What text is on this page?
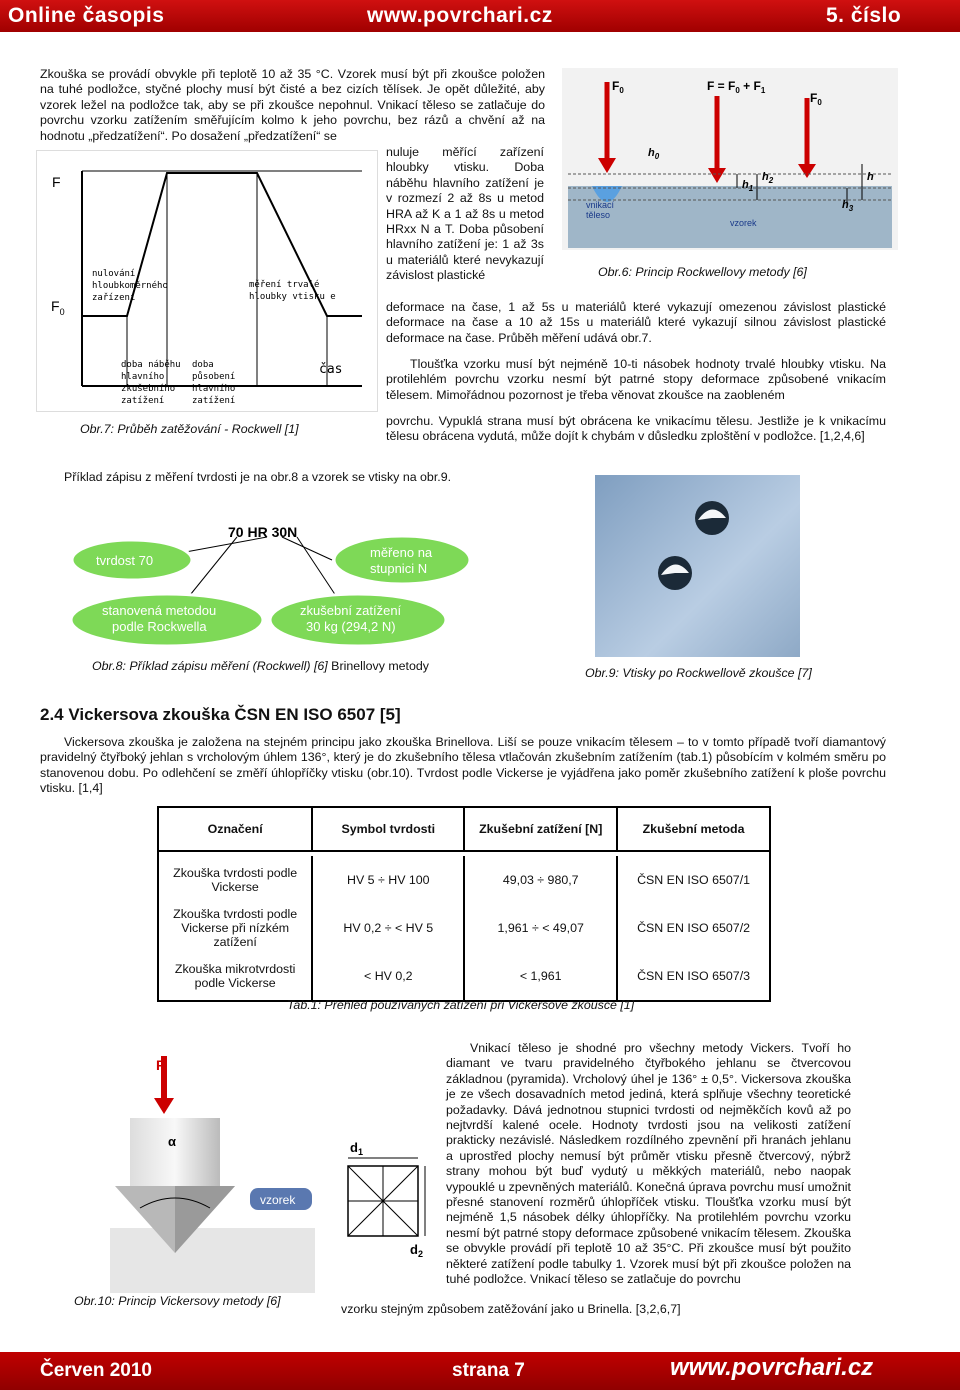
Online časopis	www.povrchari.cz	5. číslo

Zkouška se provádí obvykle při teplotě 10 až 35 °C. Vzorek musí být při zkoušce položen na tuhé podložce, styčné plochy musí být čisté a bez cizích tělísek. Je opět důležité, aby vzorek ležel na podložce tak, aby se při zkoušce nepohnul. Vnikací těleso se zatlačuje do povrchu vzorku zatížením směřujícím kolmo k jeho povrchu, bez rázů a chvění až na hodnotu „předzatížení“. Po dosažení „předzatížení“ se

$F_0$	$F = F_0 + F_1$
$F_0$
$h_0$
$h_1$
$h_2$	h
$h_3$
vnikací
těleso
vzorek
Obr.6: Princip Rockwellovy metody [6]
F
$F_0$
nulování hloubkoměrného zařízení
měření trvalé hloubky vtisku e
doba náběhu hlavního zkušebního zatížení
doba působení hlavního zatížení
čas
Obr.7: Průběh zatěžování - Rockwell [1]

nuluje měřící zařízení hloubky vtisku. Doba náběhu hlavního zatížení je v rozmezí 2 až 8s u metod HRA až K a 1 až 8s u metod HRxx N a T. Doba působení hlavního zatížení je: 1 až 3s u materiálů které nevykazují závislost plastické

deformace na čase, 1 až 5s u materiálů které vykazují omezenou závislost plastické deformace na čase a 10 až 15s u materiálů které vykazují silnou závislost plastické deformace na čase. Průběh měření udává obr.7.

Tloušťka vzorku musí být nejméně 10-ti násobek hodnoty trvalé hloubky vtisku. Na protilehlém povrchu vzorku nesmí být patrné stopy deformace způsobené vnikacím tělesem. Mimořádnou pozornost je třeba věnovat zkoušce na zaobleném

povrchu. Vypuklá strana musí být obrácena ke vnikacímu tělesu. Jestliže je k vnikacímu tělesu obrácena vydutá, může dojít k chybám v důsledku zploštění v podložce. [1,2,4,6]

Příklad zápisu z měření tvrdosti je na obr.8 a vzorek se vtisky na obr.9.

70 HR 30N
tvrdost 70
měřeno na
stupnici N
stanovená metodou
podle Rockwella
zkušební zatížení
30 kg (294,2 N)
Obr.8: Příklad zápisu měření (Rockwell) [6] Brinellovy metody	Obr.9: Vtisky po Rockwellově zkoušce [7]
2.4 Vickersova zkouška ČSN EN ISO 6507 [5]

Vickersova zkouška je založena na stejném principu jako zkouška Brinellova. Liší se pouze vnikacím tělesem – to v tomto případě tvoří diamantový pravidelný čtyřboký jehlan s vrcholovým úhlem 136°, který je do zkušebního tělesa vtlačován zkušebním zatížením (tab.1) působícím v kolmém směru po stanovenou dobu. Po odlehčení se změří úhlopříčky vtisku (obr.10). Tvrdost podle Vickerse je vyjádřena jako poměr zkušebního zatížení k ploše povrchu vtisku. [1,4]

Označení	Symbol tvrdosti	Zkušební zatížení [N]	Zkušební metoda

Zkouška tvrdosti podle Vickerse	HV 5 ÷ HV 100	49,03 ÷ 980,7	ČSN EN ISO 6507/1
Zkouška tvrdosti podle Vickerse při nízkém zatížení	HV 0,2 ÷ < HV 5	1,961 ÷ < 49,07	ČSN EN ISO 6507/2
Zkouška mikrotvrdosti podle Vickerse	< HV 0,2	< 1,961	ČSN EN ISO 6507/3
Tab.1: Přehled používaných zatížení při Vickersově zkoušce [1]
F
α
vzorek
$d_1$
$d_2$
Obr.10: Princip Vickersovy metody [6]

Vnikací těleso je shodné pro všechny metody Vickers. Tvoří ho diamant ve tvaru pravidelného čtyřbokého jehlanu se čtvercovou základnou (pyramida). Vrcholový úhel je 136° ± 0,5°. Vickersova zkouška je ze všech dosavadních metod jediná, která splňuje všechny teoretické požadavky. Dává jednotnou stupnici tvrdosti od nejměkčích kovů až po nejtvrdší kalené ocele. Hodnoty tvrdosti jsou na velikosti zatížení prakticky nezávislé. Následkem rozdílného zpevnění při hranách jehlanu a uprostřed plochy nemusí být průměr vtisku přesně čtvercový, nýbrž strany mohou být buď vydutý u měkkých materiálů, nebo naopak vypouklé u zpevněných materiálů. Konečná úprava povrchu musí umožnit přesné stanovení rozměrů úhlopříček vtisku. Tloušťka vzorku musí být nejméně 1,5 násobek délky úhlopříčky. Na protilehlém povrchu vzorku nesmí být patrné stopy deformace způsobené vnikacím tělesem. Zkouška se obvykle provádí při teplotě 10 až 35°C. Při zkoušce musí být použito některé zatížení podle tabulky 1. Vzorek musí být při zkoušce položen na tuhé podložce. Vnikací těleso se zatlačuje do povrchu

vzorku stejným způsobem zatěžování jako u Brinella. [3,2,6,7]

Červen 2010	strana 7	www.povrchari.cz
